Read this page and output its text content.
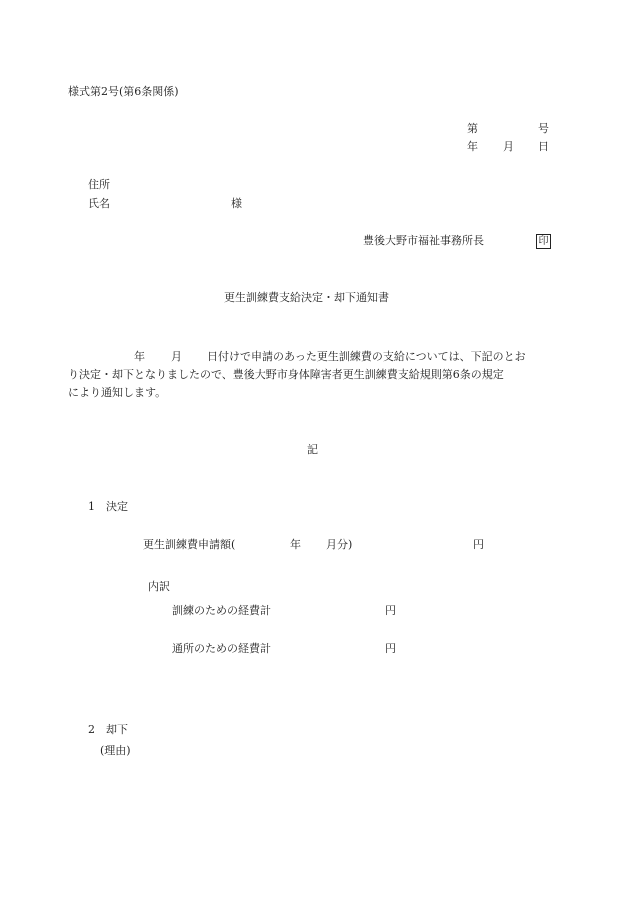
様式第2号(第6条関係)
第	号
年 月 日
住所
氏名	様
豊後大野市福祉事務所長	印
更生訓練費支給決定・却下通知書
年 月 日付けで申請のあった更生訓練費の支給については、下記のとお
り決定・却下となりましたので、豊後大野市身体障害者更生訓練費支給規則第6条の規定
により通知します。
記
1　決定
更生訓練費申請額(	年 月分)	円
内訳
訓練のための経費計	円
通所のための経費計	円
2　却下
(理由)
